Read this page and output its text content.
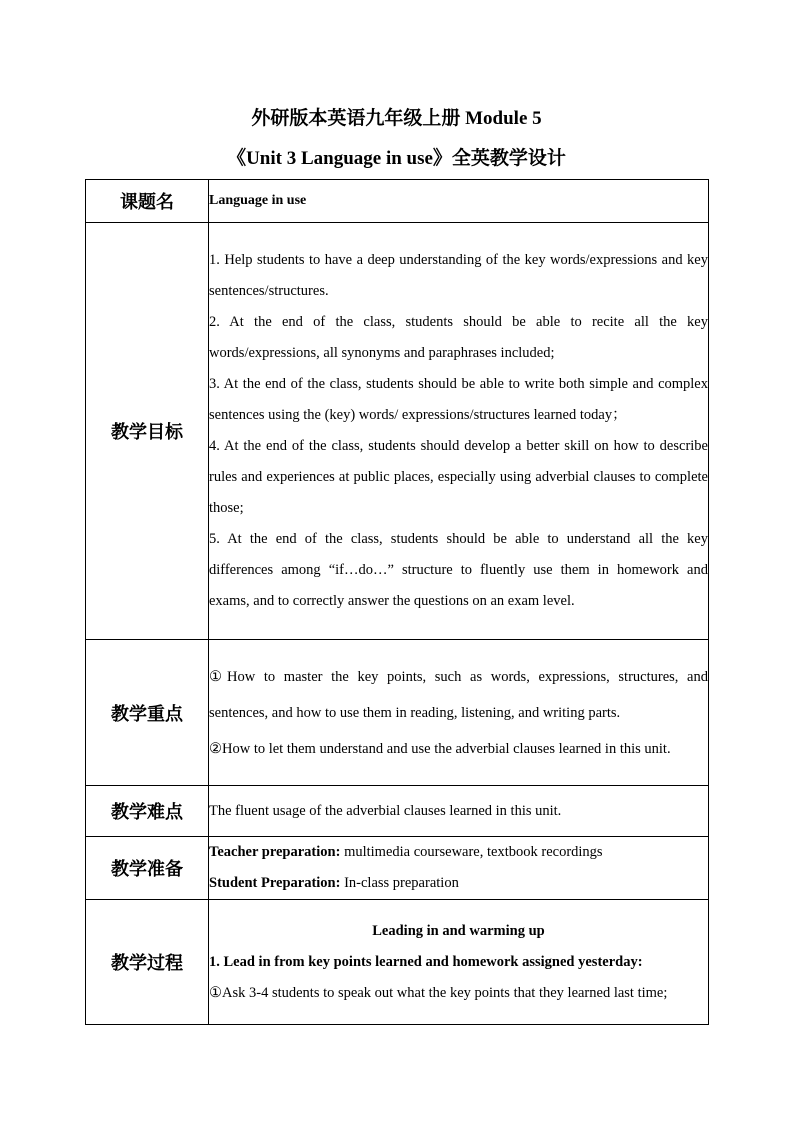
外研版本英语九年级上册 Module 5

《Unit 3 Language in use》全英教学设计

课题名	Language in use
教学目标	1. Help students to have a deep understanding of the key words/expressions and key sentences/structures.

2. At the end of the class, students should be able to recite all the key words/expressions, all synonyms and paraphrases included;

3. At the end of the class, students should be able to write both simple and complex sentences using the (key) words/ expressions/structures learned today；

4. At the end of the class, students should develop a better skill on how to describe rules and experiences at public places, especially using adverbial clauses to complete those;

5. At the end of the class, students should be able to understand all the key differences among “if…do…” structure to fluently use them in homework and exams, and to correctly answer the questions on an exam level.

教学重点	①How to master the key points, such as words, expressions, structures, and sentences, and how to use them in reading, listening, and writing parts.

②How to let them understand and use the adverbial clauses learned in this unit.

教学难点	The fluent usage of the adverbial clauses learned in this unit.
教学准备	Teacher preparation: multimedia courseware, textbook recordings

Student Preparation: In-class preparation

教学过程	Leading in and warming up

1. Lead in from key points learned and homework assigned yesterday:

①Ask 3-4 students to speak out what the key points that they learned last time;
